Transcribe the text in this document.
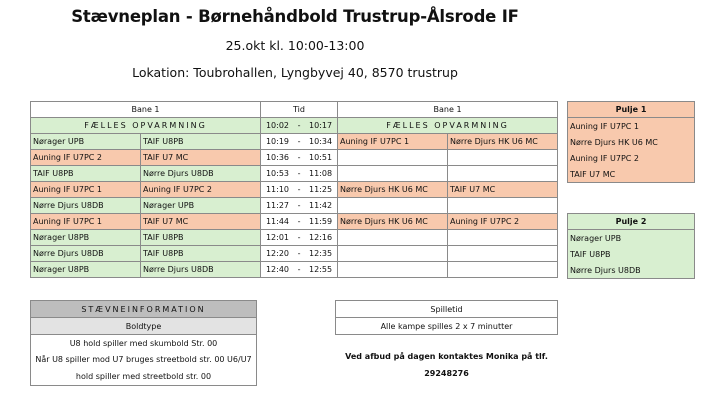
Stævneplan - Børnehåndbold Trustrup-Ålsrode IF
25.okt kl. 10:00-13:00
Lokation: Toubrohallen, Lyngbyvej 40, 8570 trustrup
Bane 1		Tid	Bane 1	
FÆLLES OPVARMNING		10:02 - 10:17	FÆLLES OPVARMNING	
Nørager UPB	TAIF U8PB	10:19 - 10:34	Auning IF U7PC 1	Nørre Djurs HK U6 MC
Auning IF U7PC 2	TAIF U7 MC	10:36 - 10:51		
TAIF U8PB	Nørre Djurs U8DB	10:53 - 11:08		
Auning IF U7PC 1	Auning IF U7PC 2	11:10 - 11:25	Nørre Djurs HK U6 MC	TAIF U7 MC
Nørre Djurs U8DB	Nørager UPB	11:27 - 11:42		
Auning IF U7PC 1	TAIF U7 MC	11:44 - 11:59	Nørre Djurs HK U6 MC	Auning IF U7PC 2
Nørager U8PB	TAIF U8PB	12:01 - 12:16		
Nørre Djurs U8DB	TAIF U8PB	12:20 - 12:35		
Nørager U8PB	Nørre Djurs U8DB	12:40 - 12:55		
Pulje 1
Auning IF U7PC 1
Nørre Djurs HK U6 MC
Auning IF U7PC 2
TAIF U7 MC
Pulje 2
Nørager UPB
TAIF U8PB
Nørre Djurs U8DB
STÆVNEINFORMATION
Boldtype
U8 hold spiller med skumbold Str. 00
Når U8 spiller mod U7 bruges streetbold str. 00 U6/U7
hold spiller med streetbold str. 00
Spilletid
Alle kampe spilles 2 x 7 minutter
Ved afbud på dagen kontaktes Monika på tlf.
29248276
